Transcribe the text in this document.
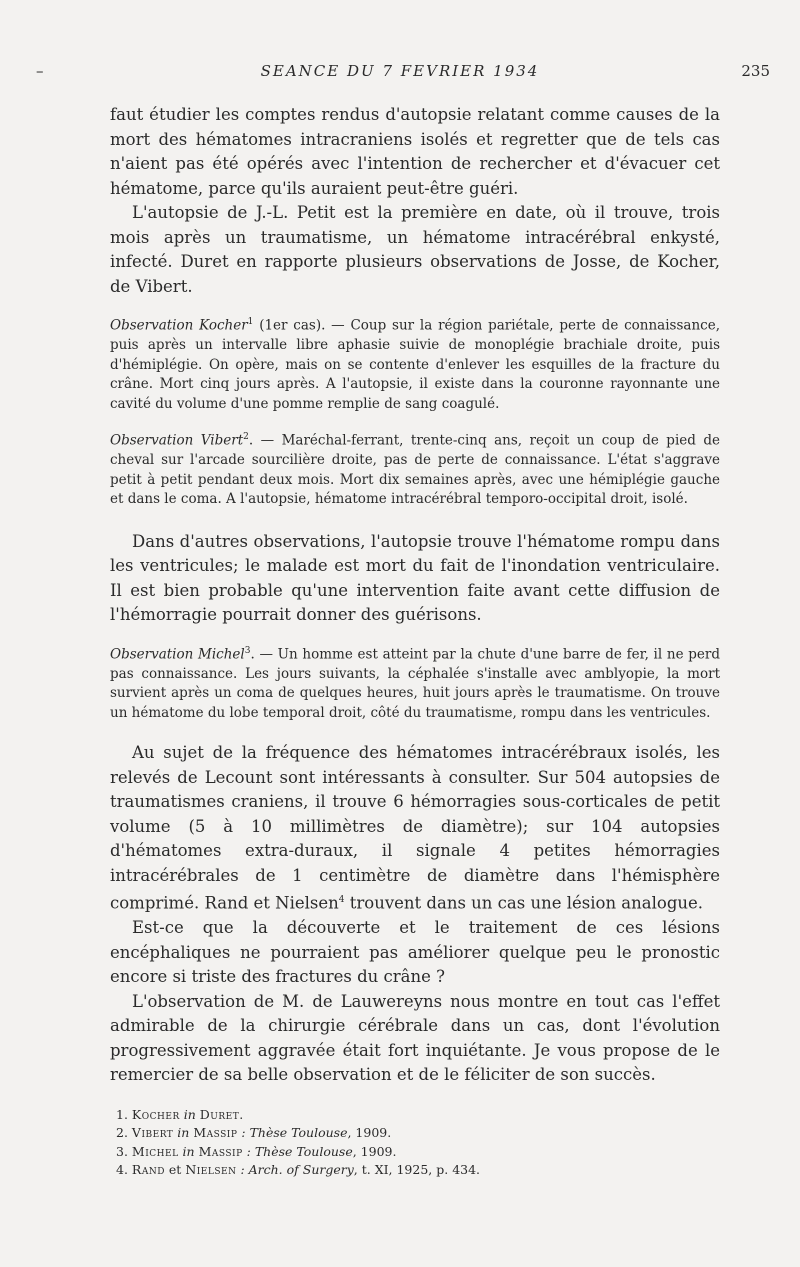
–	SEANCE DU 7 FEVRIER 1934	235

faut étudier les comptes rendus d'autopsie relatant comme causes de la mort des hématomes intracraniens isolés et regretter que de tels cas n'aient pas été opérés avec l'intention de rechercher et d'évacuer cet hématome, parce qu'ils auraient peut-être guéri.

L'autopsie de J.-L. Petit est la première en date, où il trouve, trois mois après un traumatisme, un hématome intracérébral enkysté, infecté. Duret en rapporte plusieurs observations de Josse, de Kocher, de Vibert.

Observation Kocher$^1$ (1er cas). — Coup sur la région pariétale, perte de connaissance, puis après un intervalle libre aphasie suivie de monoplégie brachiale droite, puis d'hémiplégie. On opère, mais on se contente d'enlever les esquilles de la fracture du crâne. Mort cinq jours après. A l'autopsie, il existe dans la couronne rayonnante une cavité du volume d'une pomme remplie de sang coagulé.

Observation Vibert$^2$. — Maréchal-ferrant, trente-cinq ans, reçoit un coup de pied de cheval sur l'arcade sourcilière droite, pas de perte de connaissance. L'état s'aggrave petit à petit pendant deux mois. Mort dix semaines après, avec une hémiplégie gauche et dans le coma. A l'autopsie, hématome intracérébral temporo-occipital droit, isolé.

Dans d'autres observations, l'autopsie trouve l'hématome rompu dans les ventricules; le malade est mort du fait de l'inondation ventriculaire. Il est bien probable qu'une intervention faite avant cette diffusion de l'hémorragie pourrait donner des guérisons.

Observation Michel$^3$. — Un homme est atteint par la chute d'une barre de fer, il ne perd pas connaissance. Les jours suivants, la céphalée s'installe avec amblyopie, la mort survient après un coma de quelques heures, huit jours après le traumatisme. On trouve un hématome du lobe temporal droit, côté du traumatisme, rompu dans les ventricules.

Au sujet de la fréquence des hématomes intracérébraux isolés, les relevés de Lecount sont intéressants à consulter. Sur 504 autopsies de traumatismes craniens, il trouve 6 hémorragies sous-corticales de petit volume (5 à 10 millimètres de diamètre); sur 104 autopsies d'hématomes extra-duraux, il signale 4 petites hémorragies intracérébrales de 1 centimètre de diamètre dans l'hémisphère comprimé. Rand et Nielsen$^4$ trouvent dans un cas une lésion analogue.

Est-ce que la découverte et le traitement de ces lésions encéphaliques ne pourraient pas améliorer quelque peu le pronostic encore si triste des fractures du crâne ?

L'observation de M. de Lauwereyns nous montre en tout cas l'effet admirable de la chirurgie cérébrale dans un cas, dont l'évolution progressivement aggravée était fort inquiétante. Je vous propose de le remercier de sa belle observation et de le féliciter de son succès.

1. Kocher in Duret.
2. Vibert in Massip : Thèse Toulouse, 1909.
3. Michel in Massip : Thèse Toulouse, 1909.
4. Rand et Nielsen : Arch. of Surgery, t. XI, 1925, p. 434.
